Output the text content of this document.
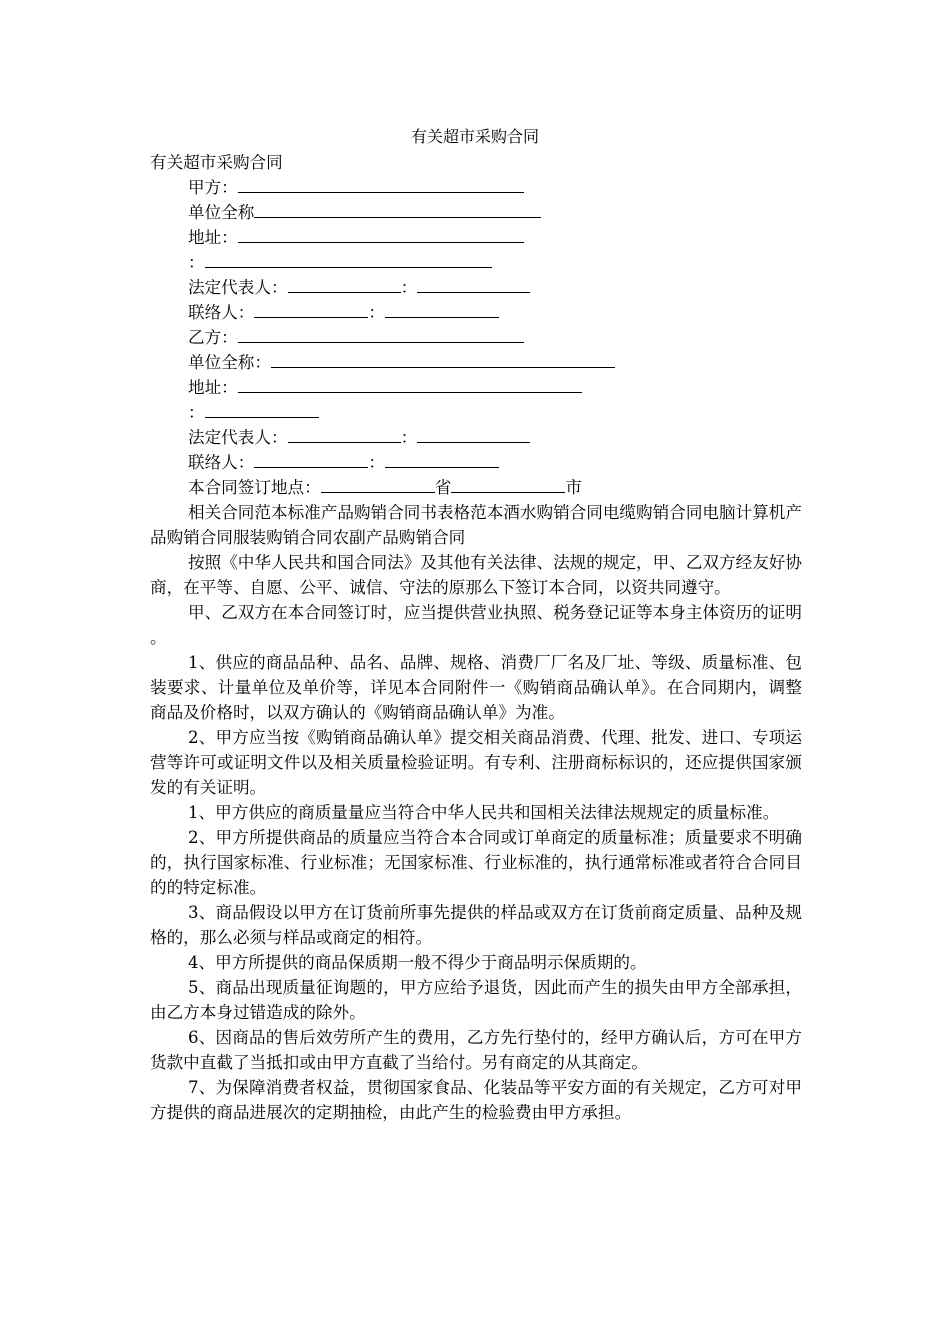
有关超市采购合同
有关超市采购合同
甲方：
单位全称
地址：
：
法定代表人：	：
联络人：	：
乙方：
单位全称：
地址：
：
法定代表人：	：
联络人：	：
本合同签订地点：	省	市
相关合同范本标准产品购销合同书表格范本酒水购销合同电缆购销合同电脑计算机产品购销合同服装购销合同农副产品购销合同
按照《中华人民共和国合同法》及其他有关法律、法规的规定，甲、乙双方经友好协商，在平等、自愿、公平、诚信、守法的原那么下签订本合同，以资共同遵守。
甲、乙双方在本合同签订时，应当提供营业执照、税务登记证等本身主体资历的证明。
1、供应的商品品种、品名、品牌、规格、消费厂厂名及厂址、等级、质量标准、包装要求、计量单位及单价等，详见本合同附件一《购销商品确认单》。在合同期内，调整商品及价格时，以双方确认的《购销商品确认单》为准。
2、甲方应当按《购销商品确认单》提交相关商品消费、代理、批发、进口、专项运营等许可或证明文件以及相关质量检验证明。有专利、注册商标标识的，还应提供国家颁发的有关证明。
1、甲方供应的商质量量应当符合中华人民共和国相关法律法规规定的质量标准。
2、甲方所提供商品的质量应当符合本合同或订单商定的质量标准；质量要求不明确的，执行国家标准、行业标准；无国家标准、行业标准的，执行通常标准或者符合合同目的的特定标准。
3、商品假设以甲方在订货前所事先提供的样品或双方在订货前商定质量、品种及规格的，那么必须与样品或商定的相符。
4、甲方所提供的商品保质期一般不得少于商品明示保质期的。
5、商品出现质量征询题的，甲方应给予退货，因此而产生的损失由甲方全部承担，由乙方本身过错造成的除外。
6、因商品的售后效劳所产生的费用，乙方先行垫付的，经甲方确认后，方可在甲方货款中直截了当抵扣或由甲方直截了当给付。另有商定的从其商定。
7、为保障消费者权益，贯彻国家食品、化装品等平安方面的有关规定，乙方可对甲方提供的商品进展次的定期抽检，由此产生的检验费由甲方承担。
